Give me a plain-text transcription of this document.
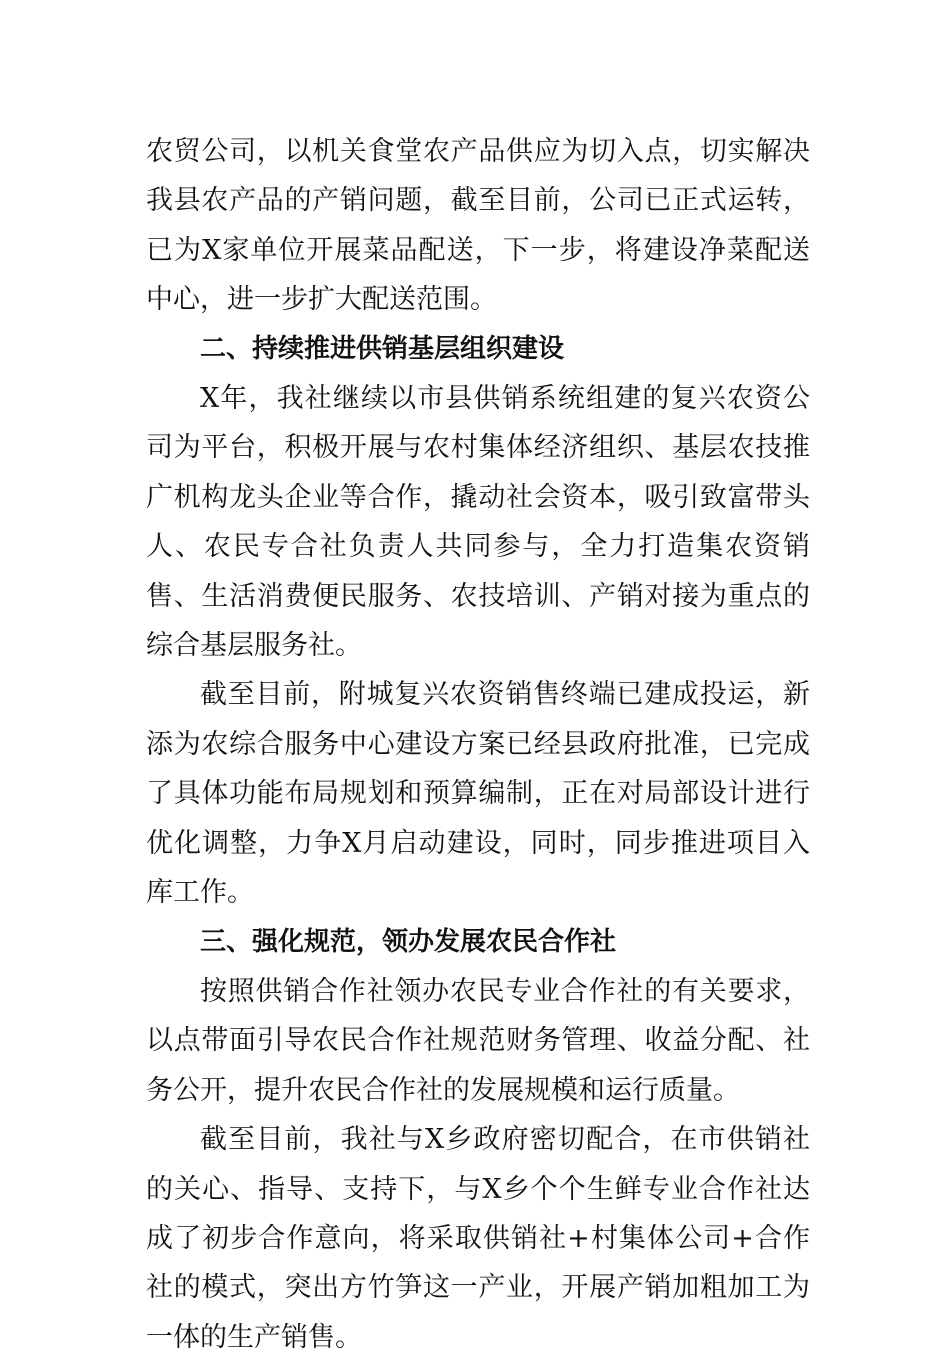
农贸公司，以机关食堂农产品供应为切入点，切实解决我县农产品的产销问题，截至目前，公司已正式运转，已为X家单位开展菜品配送，下一步，将建设净菜配送中心，进一步扩大配送范围。

二、持续推进供销基层组织建设

X年，我社继续以市县供销系统组建的复兴农资公司为平台，积极开展与农村集体经济组织、基层农技推广机构龙头企业等合作，撬动社会资本，吸引致富带头人、农民专合社负责人共同参与，全力打造集农资销售、生活消费便民服务、农技培训、产销对接为重点的综合基层服务社。

截至目前，附城复兴农资销售终端已建成投运，新添为农综合服务中心建设方案已经县政府批准，已完成了具体功能布局规划和预算编制，正在对局部设计进行优化调整，力争X月启动建设，同时，同步推进项目入库工作。

三、强化规范，领办发展农民合作社

按照供销合作社领办农民专业合作社的有关要求，以点带面引导农民合作社规范财务管理、收益分配、社务公开，提升农民合作社的发展规模和运行质量。

截至目前，我社与X乡政府密切配合，在市供销社的关心、指导、支持下，与X乡个个生鲜专业合作社达成了初步合作意向，将采取供销社+村集体公司+合作社的模式，突出方竹笋这一产业，开展产销加粗加工为一体的生产销售。
